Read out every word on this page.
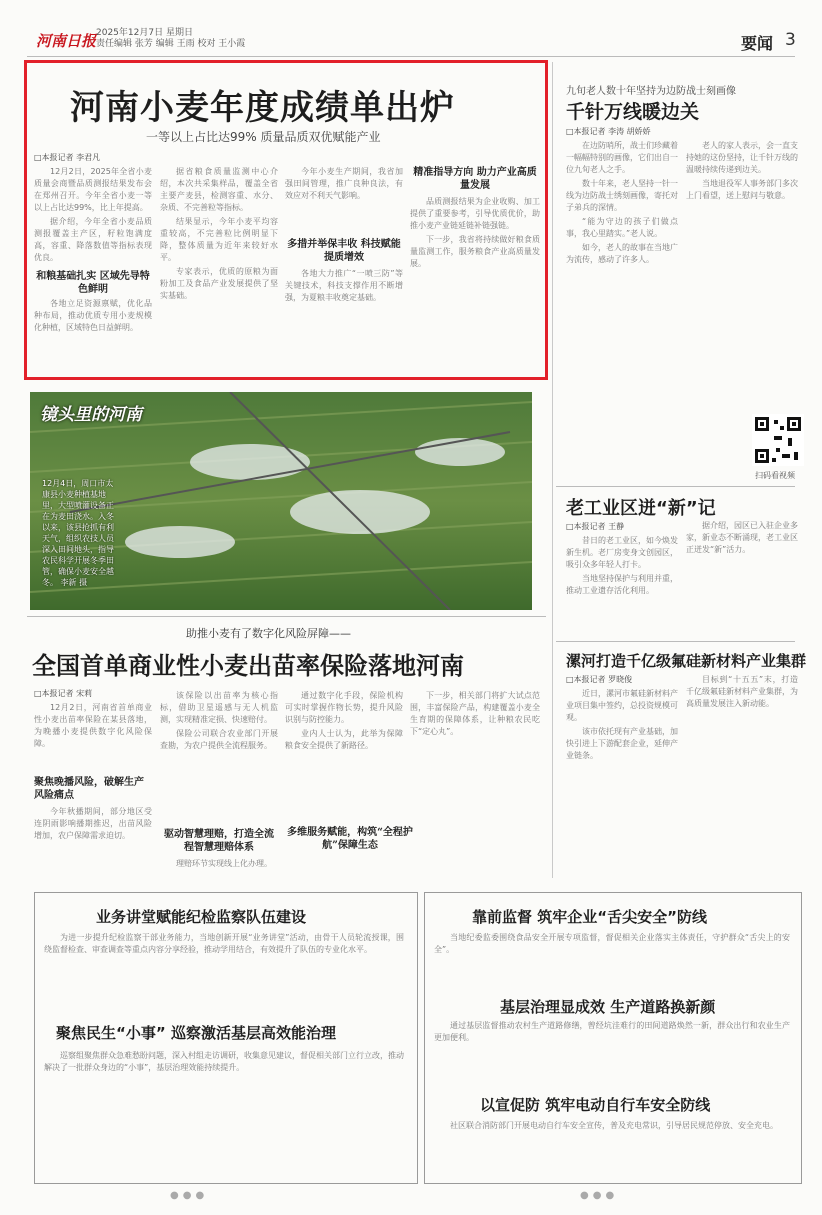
河南日报 2025年12月7日 星期日
责任编辑 张芳 编辑 王雨 校对 王小霞	要闻 3
河南小麦年度成绩单出炉
一等以上占比达99% 质量品质双优赋能产业
□本报记者 李君凡

12月2日，2025年全省小麦质量会商暨品质测报结果发布会在郑州召开。今年全省小麦一等以上占比达99%，比上年提高。

据介绍，今年全省小麦品质测报覆盖主产区，籽粒饱满度高，容重、降落数值等指标表现优良。

和粮基础扎实 区域先导特色鲜明

各地立足资源禀赋，优化品种布局，推动优质专用小麦规模化种植，区域特色日益鲜明。

据省粮食质量监测中心介绍，本次共采集样品，覆盖全省主要产麦县，检测容重、水分、杂质、不完善粒等指标。

结果显示，今年小麦平均容重较高，不完善粒比例明显下降，整体质量为近年来较好水平。

专家表示，优质的原粮为面粉加工及食品产业发展提供了坚实基础。

多措并举保丰收 科技赋能提质增效

今年小麦生产期间，我省加强田间管理，推广良种良法，有效应对不利天气影响。

各地大力推广“一喷三防”等关键技术，科技支撑作用不断增强，为夏粮丰收奠定基础。

精准指导方向 助力产业高质量发展

品质测报结果为企业收购、加工提供了重要参考，引导优质优价，助推小麦产业链延链补链强链。

下一步，我省将持续做好粮食质量监测工作，服务粮食产业高质量发展。

镜头里的河南
12月4日，周口市太康县小麦种植基地里，大型喷灌设备正在为麦田浇水。入冬以来，该县抢抓有利天气，组织农技人员深入田间地头，指导农民科学开展冬季田管，确保小麦安全越冬。 李新 摄
助推小麦有了数字化风险屏障——
全国首单商业性小麦出苗率保险落地河南
□本报记者 宋莉

12月2日，河南省首单商业性小麦出苗率保险在某县落地，为晚播小麦提供数字化风险保障。

聚焦晚播风险，破解生产风险痛点

今年秋播期间，部分地区受连阴雨影响播期推迟，出苗风险增加，农户保障需求迫切。

该保险以出苗率为核心指标，借助卫星遥感与无人机监测，实现精准定损、快速赔付。

保险公司联合农业部门开展查勘，为农户提供全流程服务。

驱动智慧理赔，打造全流程智慧理赔体系

理赔环节实现线上化办理。

通过数字化手段，保险机构可实时掌握作物长势，提升风险识别与防控能力。

业内人士认为，此举为保障粮食安全提供了新路径。

多维服务赋能，构筑“全程护航”保障生态

下一步，相关部门将扩大试点范围，丰富保险产品，构建覆盖小麦全生育期的保障体系，让种粮农民吃下“定心丸”。

九旬老人数十年坚持为边防战士刻画像
千针万线暖边关
□本报记者 李涛 胡娇娇

在边防哨所，战士们珍藏着一幅幅特别的画像，它们出自一位九旬老人之手。

数十年来，老人坚持一针一线为边防战士绣刻画像，寄托对子弟兵的深情。

“能为守边的孩子们做点事，我心里踏实。”老人说。

如今，老人的故事在当地广为流传，感动了许多人。

老人的家人表示，会一直支持她的这份坚持，让千针万线的温暖持续传递到边关。

当地退役军人事务部门多次上门看望，送上慰问与敬意。

扫码看视频
老工业区迸“新”记
□本报记者 王静

昔日的老工业区，如今焕发新生机。老厂房变身文创园区，吸引众多年轻人打卡。

当地坚持保护与利用并重，推动工业遗存活化利用。

据介绍，园区已入驻企业多家，新业态不断涌现，老工业区正迸发“新”活力。

漯河打造千亿级氟硅新材料产业集群
□本报记者 罗晓俊

近日，漯河市氟硅新材料产业项目集中签约，总投资规模可观。

该市依托现有产业基础，加快引进上下游配套企业，延伸产业链条。

目标到“十五五”末，打造千亿级氟硅新材料产业集群，为高质量发展注入新动能。

业务讲堂赋能纪检监察队伍建设

为进一步提升纪检监察干部业务能力，当地创新开展“业务讲堂”活动，由骨干人员轮流授课，围绕监督检查、审查调查等重点内容分享经验，推动学用结合，有效提升了队伍的专业化水平。

聚焦民生“小事” 巡察激活基层高效能治理

巡察组聚焦群众急难愁盼问题，深入村组走访调研，收集意见建议，督促相关部门立行立改，推动解决了一批群众身边的“小事”，基层治理效能持续提升。

靠前监督 筑牢企业“舌尖安全”防线

当地纪委监委围绕食品安全开展专项监督，督促相关企业落实主体责任，守护群众“舌尖上的安全”。

基层治理显成效 生产道路换新颜

通过基层监督推动农村生产道路修缮，曾经坑洼难行的田间道路焕然一新，群众出行和农业生产更加便利。

以宣促防 筑牢电动自行车安全防线

社区联合消防部门开展电动自行车安全宣传，普及充电常识，引导居民规范停放、安全充电。

●●●	●●●
